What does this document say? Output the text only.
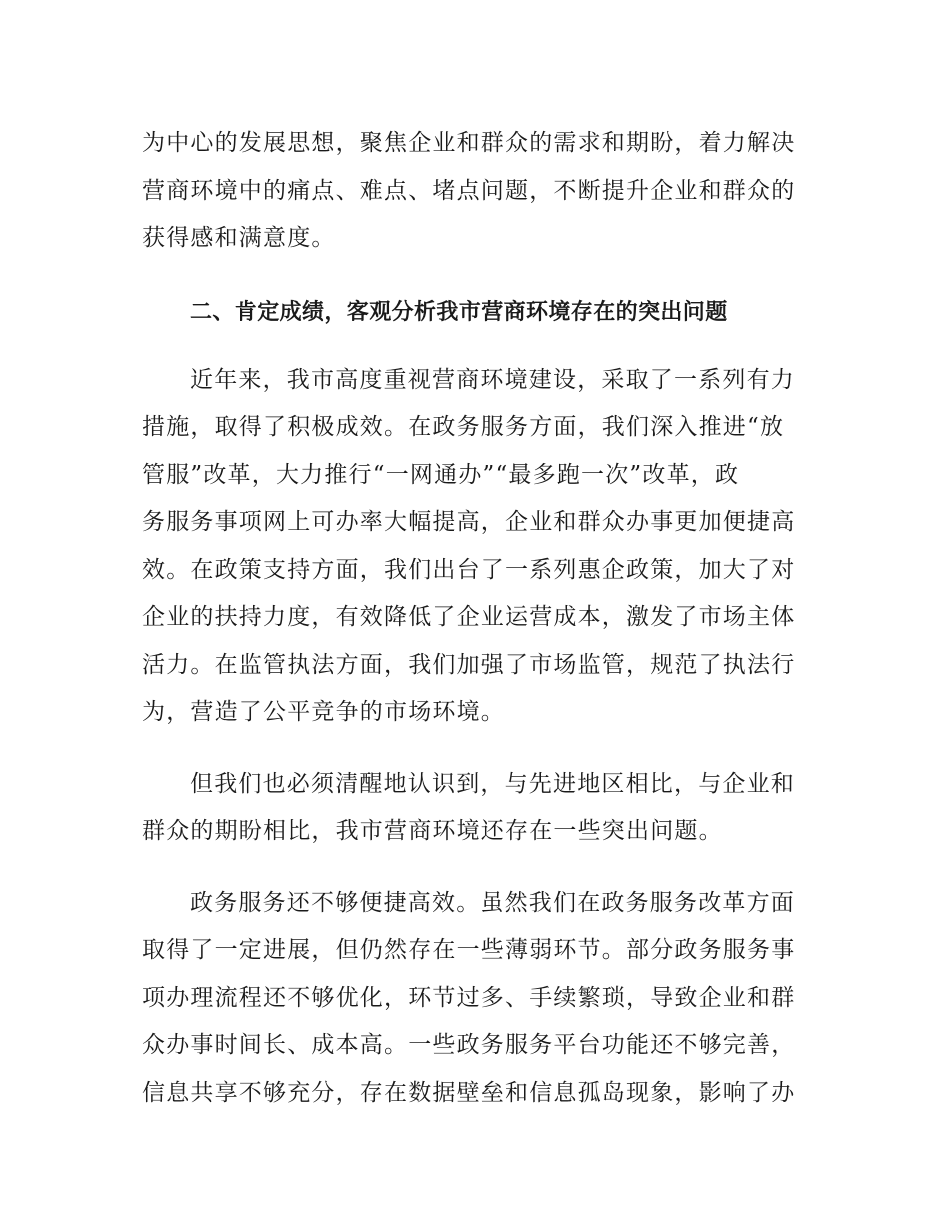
为中心的发展思想，聚焦企业和群众的需求和期盼，着力解决
营商环境中的痛点、难点、堵点问题，不断提升企业和群众的
获得感和满意度。
二、肯定成绩，客观分析我市营商环境存在的突出问题
近年来，我市高度重视营商环境建设，采取了一系列有力
措施，取得了积极成效。在政务服务方面，我们深入推进“放
管服”改革，大力推行“一网通办”“最多跑一次”改革，政
务服务事项网上可办率大幅提高，企业和群众办事更加便捷高
效。在政策支持方面，我们出台了一系列惠企政策，加大了对
企业的扶持力度，有效降低了企业运营成本，激发了市场主体
活力。在监管执法方面，我们加强了市场监管，规范了执法行
为，营造了公平竞争的市场环境。
但我们也必须清醒地认识到，与先进地区相比，与企业和
群众的期盼相比，我市营商环境还存在一些突出问题。
政务服务还不够便捷高效。虽然我们在政务服务改革方面
取得了一定进展，但仍然存在一些薄弱环节。部分政务服务事
项办理流程还不够优化，环节过多、手续繁琐，导致企业和群
众办事时间长、成本高。一些政务服务平台功能还不够完善，
信息共享不够充分，存在数据壁垒和信息孤岛现象，影响了办
